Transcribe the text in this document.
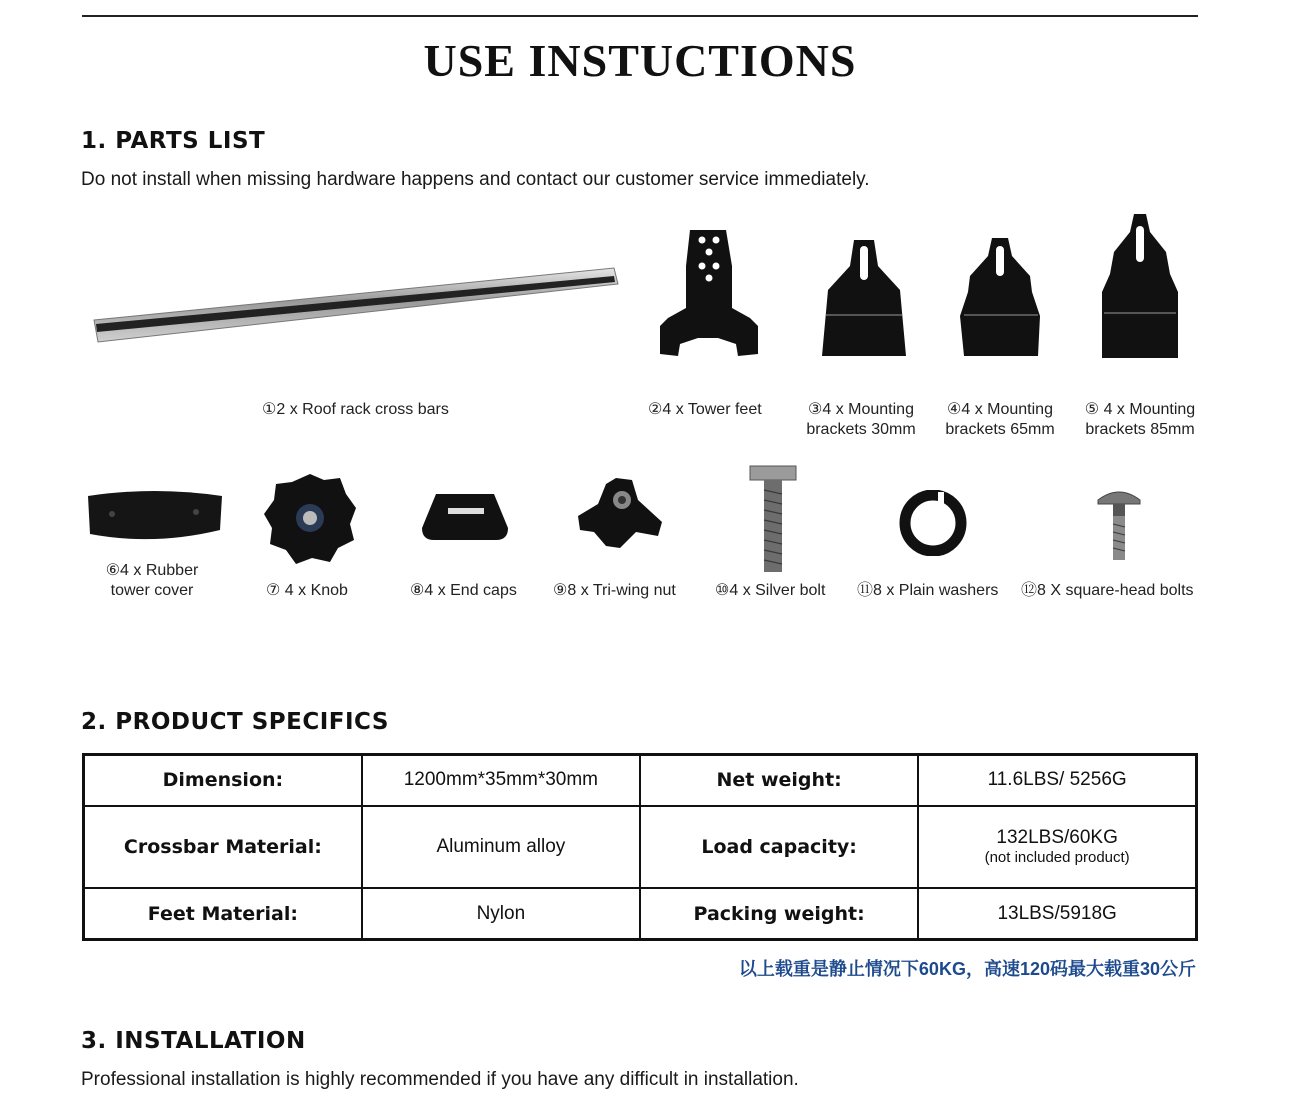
USE INSTUCTIONS
1. PARTS LIST
Do not install when missing hardware happens and contact our customer service immediately.
①2 x Roof rack cross bars	②4 x Tower feet	③4 x Mounting
brackets 30mm
④4 x Mounting
brackets 65mm
⑤ 4 x Mounting
brackets 85mm
⑥4 x Rubber
tower cover	⑦ 4 x Knob	⑧4 x End caps ⑨8 x Tri-wing nut ⑩4 x Silver bolt ⑪8 x Plain washers ⑫8 X square-head bolts
2. PRODUCT SPECIFICS
Dimension:	1200mm*35mm*30mm	Net weight:	11.6LBS/ 5256G
Crossbar Material:	Aluminum alloy	Load capacity:	132LBS/60KG
(not included product)

Feet Material:	Nylon	Packing weight:	13LBS/5918G
以上载重是静止情况下60KG，高速120码最大载重30公斤
3. INSTALLATION
Professional installation is highly recommended if you have any difficult in installation.
